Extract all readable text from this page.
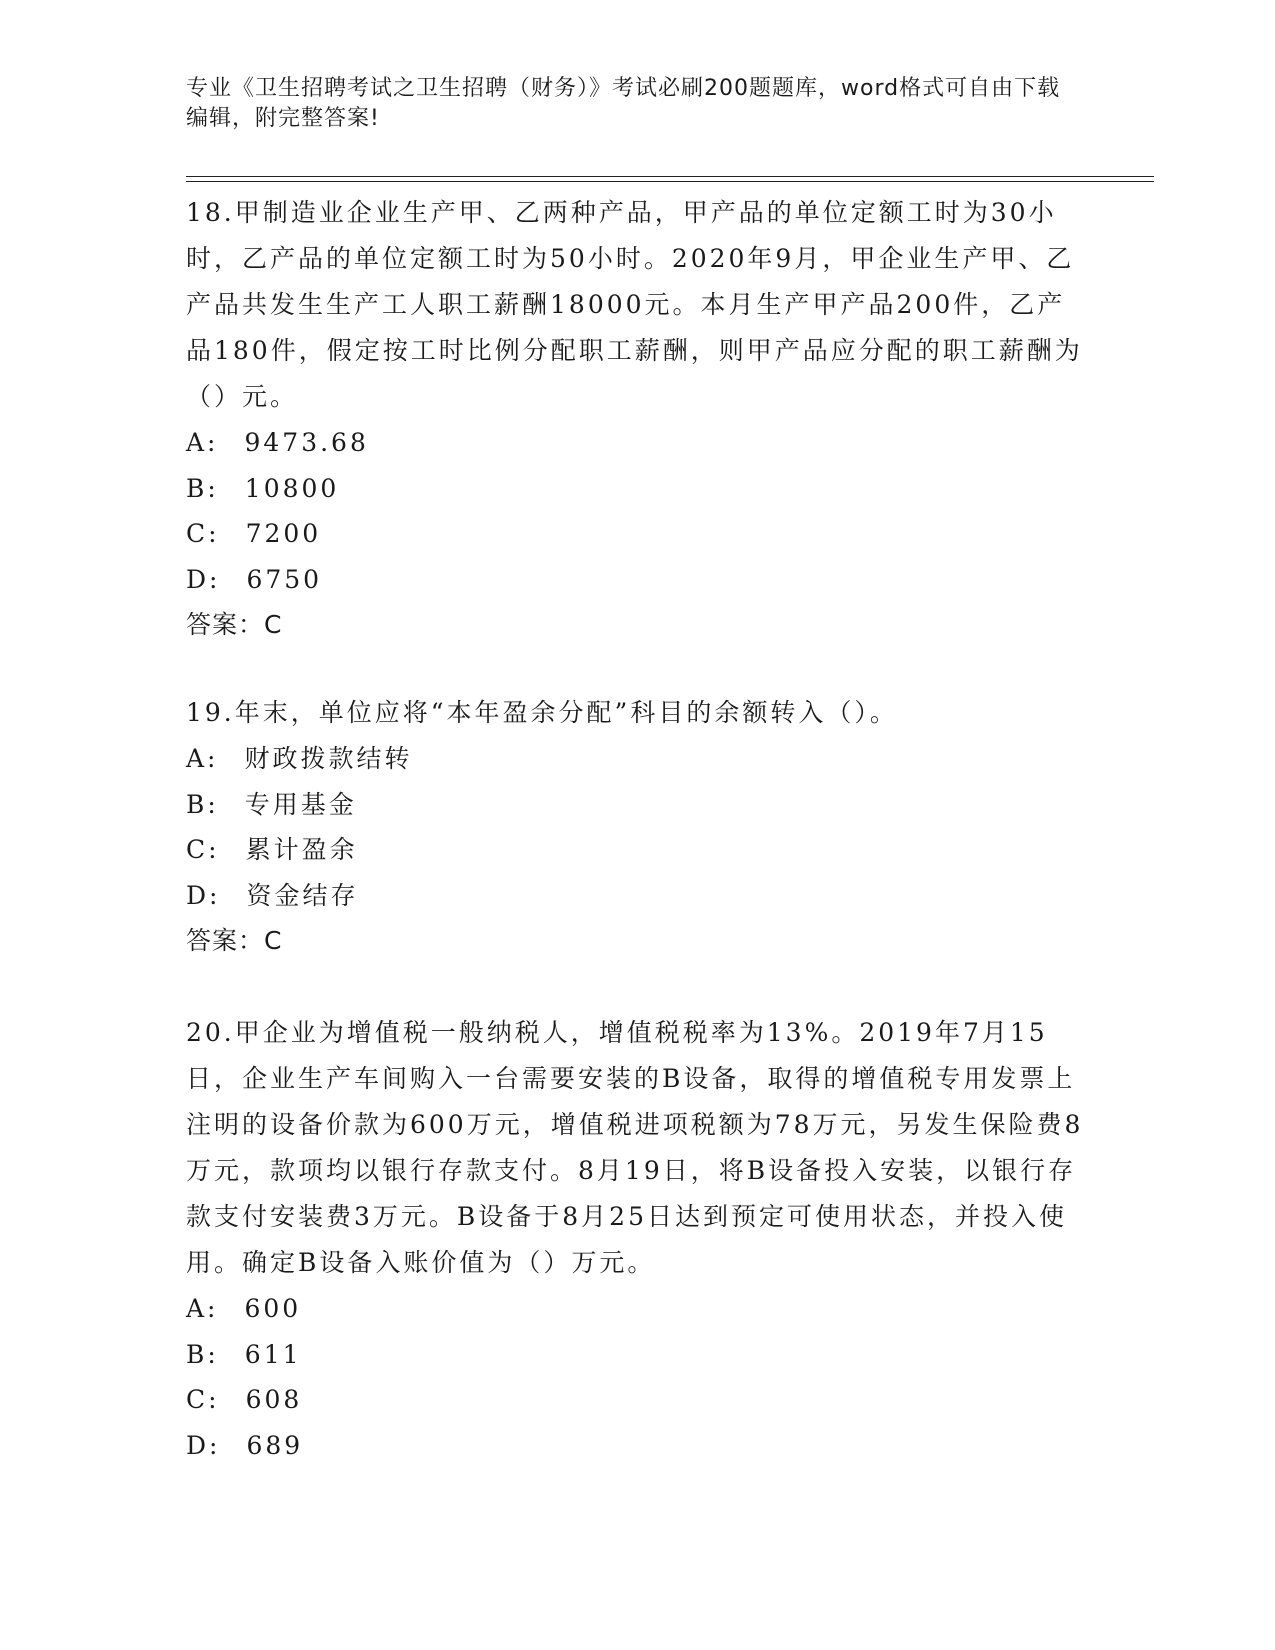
专业《卫生招聘考试之卫生招聘（财务）》考试必刷200题题库，word格式可自由下载编辑，附完整答案!

18.甲制造业企业生产甲、乙两种产品，甲产品的单位定额工时为30小时，乙产品的单位定额工时为50小时。2020年9月，甲企业生产甲、乙产品共发生生产工人职工薪酬18000元。本月生产甲产品200件，乙产品180件，假定按工时比例分配职工薪酬，则甲产品应分配的职工薪酬为（）元。

A: 9473.68
B: 10800
C: 7200
D: 6750

答案：C

19.年末，单位应将“本年盈余分配”科目的余额转入（）。

A: 财政拨款结转
B: 专用基金
C: 累计盈余
D: 资金结存

答案：C

20.甲企业为增值税一般纳税人，增值税税率为13%。2019年7月15日，企业生产车间购入一台需要安装的B设备，取得的增值税专用发票上注明的设备价款为600万元，增值税进项税额为78万元，另发生保险费8万元，款项均以银行存款支付。8月19日，将B设备投入安装，以银行存款支付安装费3万元。B设备于8月25日达到预定可使用状态，并投入使用。确定B设备入账价值为（）万元。

A: 600
B: 611
C: 608
D: 689
